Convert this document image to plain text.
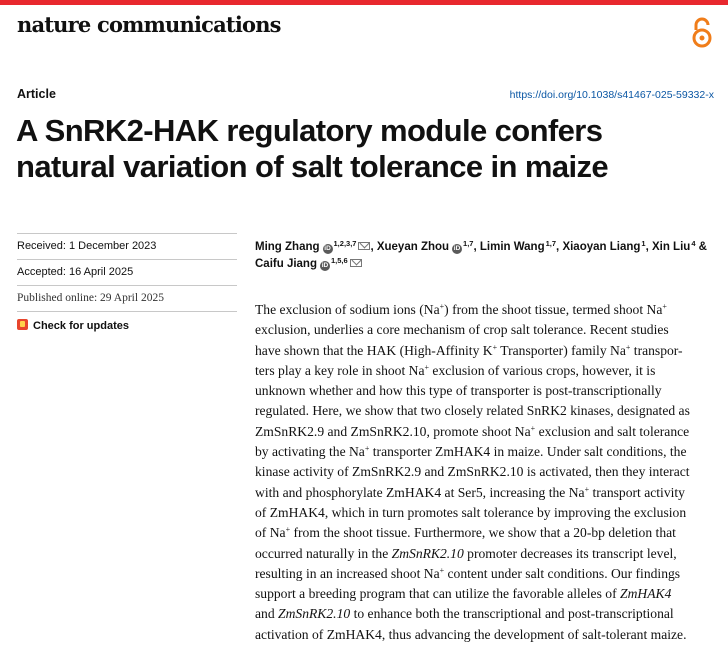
nature communications
Article	https://doi.org/10.1038/s41467-025-59332-x
A SnRK2-HAK regulatory module confers
natural variation of salt tolerance in maize
Received: 1 December 2023
Accepted: 16 April 2025
Published online: 29 April 2025
Check for updates

Ming Zhang iD$^{1,2,3,7}$ , Xueyan Zhou iD$^{1,7}$, Limin Wang$^{1,7}$, Xiaoyan Liang$^1$, Xin Liu$^4$ &
Caifu Jiang iD$^{1,5,6}$

The exclusion of sodium ions (Na+) from the shoot tissue, termed shoot Na+
exclusion, underlies a core mechanism of crop salt tolerance. Recent studies
have shown that the HAK (High-Affinity K+ Transporter) family Na+ transpor-
ters play a key role in shoot Na+ exclusion of various crops, however, it is
unknown whether and how this type of transporter is post-transcriptionally
regulated. Here, we show that two closely related SnRK2 kinases, designated as
ZmSnRK2.9 and ZmSnRK2.10, promote shoot Na+ exclusion and salt tolerance
by activating the Na+ transporter ZmHAK4 in maize. Under salt conditions, the
kinase activity of ZmSnRK2.9 and ZmSnRK2.10 is activated, then they interact
with and phosphorylate ZmHAK4 at Ser5, increasing the Na+ transport activity
of ZmHAK4, which in turn promotes salt tolerance by improving the exclusion
of Na+ from the shoot tissue. Furthermore, we show that a 20-bp deletion that
occurred naturally in the ZmSnRK2.10 promoter decreases its transcript level,
resulting in an increased shoot Na+ content under salt conditions. Our findings
support a breeding program that can utilize the favorable alleles of ZmHAK4
and ZmSnRK2.10 to enhance both the transcriptional and post-transcriptional
activation of ZmHAK4, thus advancing the development of salt-tolerant maize.
